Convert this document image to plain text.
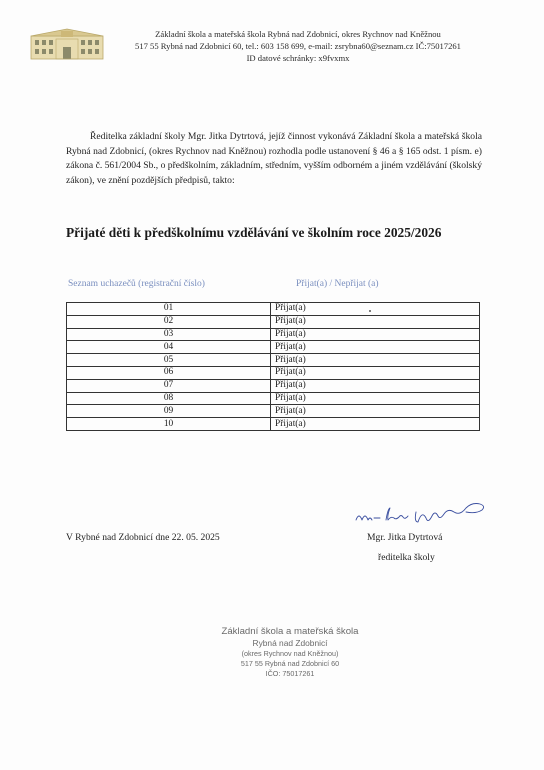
Základní škola a mateřská škola Rybná nad Zdobnicí, okres Rychnov nad Kněžnou
517 55 Rybná nad Zdobnicí 60, tel.: 603 158 699, e-mail: zsrybna60@seznam.cz IČ:75017261
ID datové schránky: x9fvxmx
Ředitelka základní školy Mgr. Jitka Dytrtová, jejíž činnost vykonává Základní škola a mateřská škola Rybná nad Zdobnicí, (okres Rychnov nad Kněžnou) rozhodla podle ustanovení § 46 a § 165 odst. 1 písm. e) zákona č. 561/2004 Sb., o předškolním, základním, středním, vyšším odborném a jiném vzdělávání (školský zákon), ve znění pozdějších předpisů, takto:
Přijaté děti k předškolnímu vzdělávání ve školním roce 2025/2026
Seznam uchazečů (registrační číslo)	Přijat(a) / Nepřijat (a)
01	Přijat(a)
02	Přijat(a)
03	Přijat(a)
04	Přijat(a)
05	Přijat(a)
06	Přijat(a)
07	Přijat(a)
08	Přijat(a)
09	Přijat(a)
10	Přijat(a)
V Rybné nad Zdobnicí dne 22. 05. 2025	Mgr. Jitka Dytrtová
ředitelka školy
Základní škola a mateřská škola
Rybná nad Zdobnicí
(okres Rychnov nad Kněžnou)
517 55 Rybná nad Zdobnicí 60
IČO: 75017261
